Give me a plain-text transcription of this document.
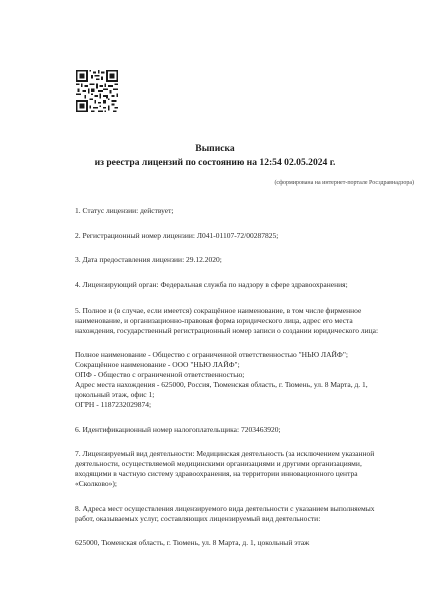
Выписка
из реестра лицензий по состоянию на 12:54 02.05.2024 г.
(сформирована на интернет-портале Росздравнадзора)

1. Статус лицензии: действует;

2. Регистрационный номер лицензии: Л041-01107-72/00287825;

3. Дата предоставления лицензии: 29.12.2020;

4. Лицензирующий орган: Федеральная служба по надзору в сфере здравоохранения;

5. Полное и (в случае, если имеется) сокращённое наименование, в том числе фирменное

наименование, и организационно-правовая форма юридического лица, адрес его места

нахождения, государственный регистрационный номер записи о создании юридического лица:

Полное наименование - Общество с ограниченной ответственностью "НЬЮ ЛАЙФ";

Сокращённое наименование - ООО "НЬЮ ЛАЙФ";

ОПФ - Общество с ограниченной ответственностью;

Адрес места нахождения - 625000, Россия, Тюменская область, г. Тюмень, ул. 8 Марта, д. 1,

цокольный этаж, офис 1;

ОГРН - 1187232029874;

6. Идентификационный номер налогоплательщика: 7203463920;

7. Лицензируемый вид деятельности: Медицинская деятельность (за исключением указанной

деятельности, осуществляемой медицинскими организациями и другими организациями,

входящими в частную систему здравоохранения, на территории инновационного центра

«Сколково»);

8. Адреса мест осуществления лицензируемого вида деятельности с указанием выполняемых

работ, оказываемых услуг, составляющих лицензируемый вид деятельности:

625000, Тюменская область, г. Тюмень, ул. 8 Марта, д. 1, цокольный этаж
